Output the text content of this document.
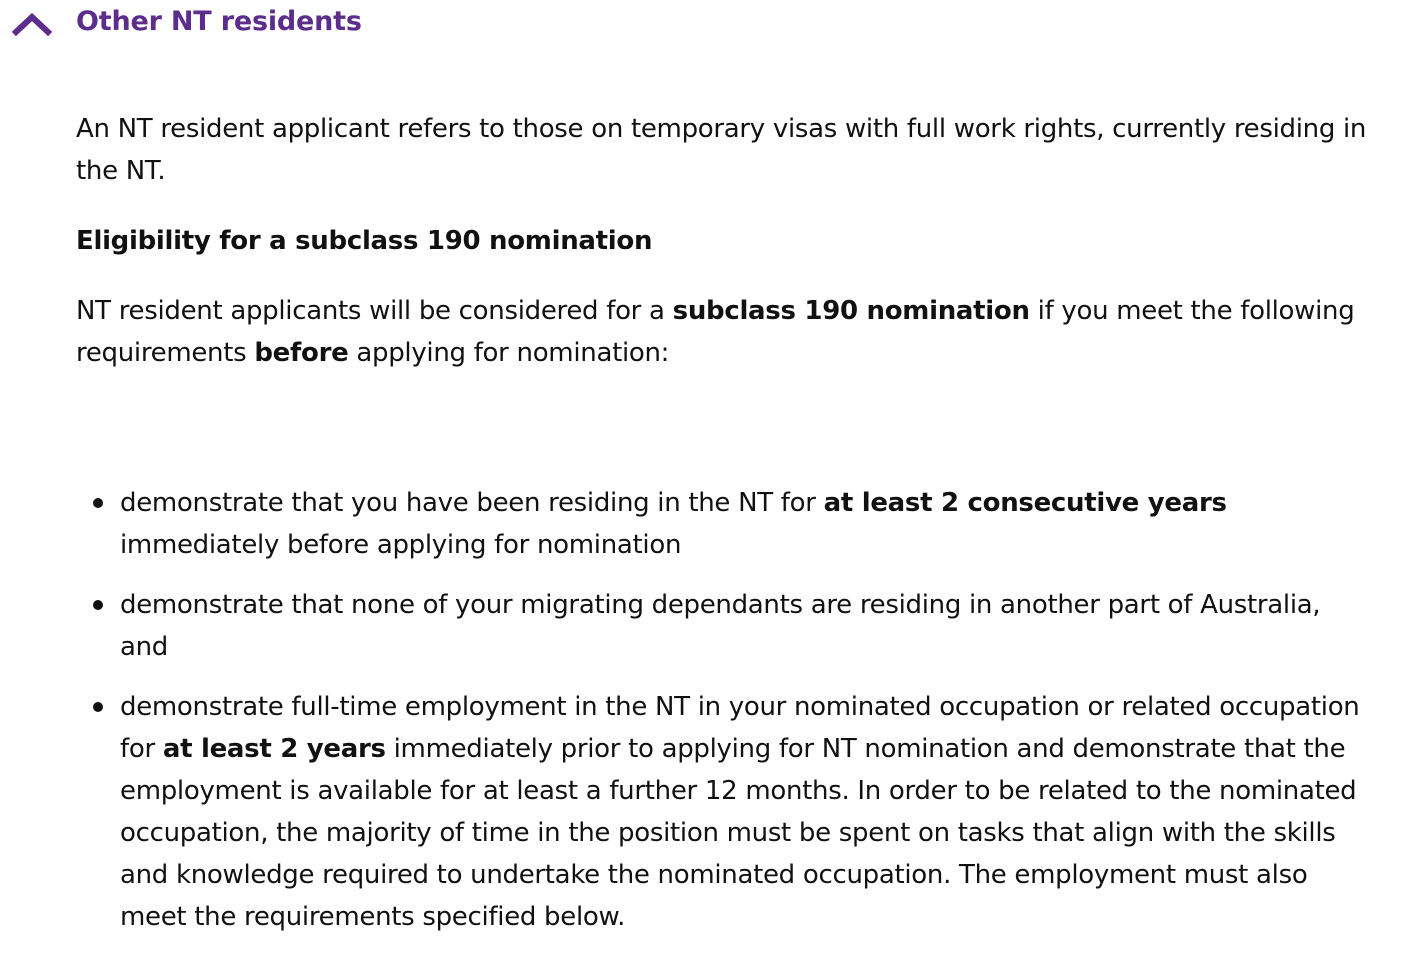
Other NT residents

An NT resident applicant refers to those on temporary visas with full work rights, currently residing in the NT.

Eligibility for a subclass 190 nomination

NT resident applicants will be considered for a subclass 190 nomination if you meet the following requirements before applying for nomination:

demonstrate that you have been residing in the NT for at least 2 consecutive years immediately before applying for nomination
demonstrate that none of your migrating dependants are residing in another part of Australia, and
demonstrate full-time employment in the NT in your nominated occupation or related occupation for at least 2 years immediately prior to applying for NT nomination and demonstrate that the employment is available for at least a further 12 months. In order to be related to the nominated occupation, the majority of time in the position must be spent on tasks that align with the skills and knowledge required to undertake the nominated occupation. The employment must also meet the requirements specified below.
